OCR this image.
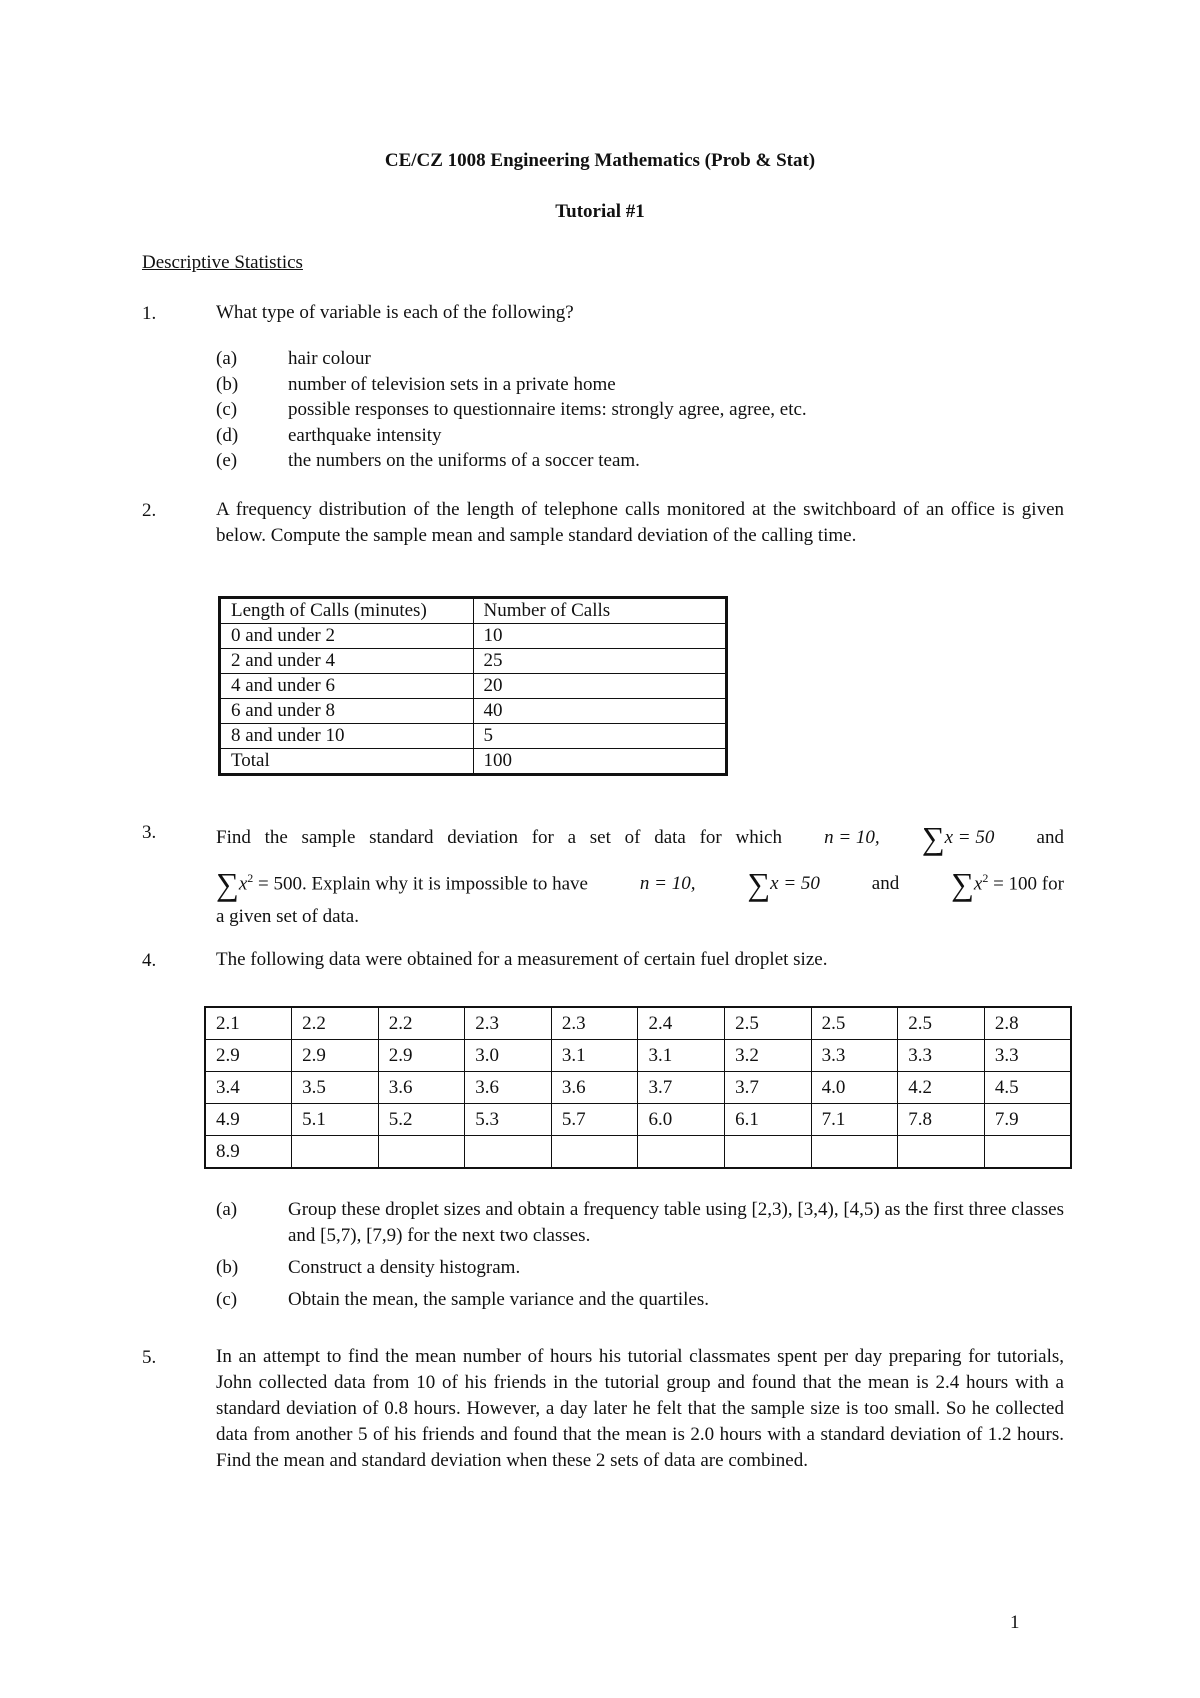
CE/CZ 1008 Engineering Mathematics (Prob & Stat)
Tutorial #1
Descriptive Statistics
1.	What type of variable is each of the following?
(a)	hair colour
(b)	number of television sets in a private home
(c)	possible responses to questionnaire items: strongly agree, agree, etc.
(d)	earthquake intensity
(e)	the numbers on the uniforms of a soccer team.
2.	A frequency distribution of the length of telephone calls monitored at the switchboard of an office is given below. Compute the sample mean and sample standard deviation of the calling time.
Length of Calls (minutes)	Number of Calls
0 and under 2	10
2 and under 4	25
4 and under 6	20
6 and under 8	40
8 and under 10	5
Total	100
3.	Find the sample standard deviation for a set of data for which n = 10, ∑x = 50 and
$\sum x^2 = 500$. Explain why it is impossible to have	n = 10, ∑x = 50	and $\sum x^2 = 100$ for
a given set of data.
4.	The following data were obtained for a measurement of certain fuel droplet size.
2.1	2.2	2.2	2.3	2.3	2.4	2.5	2.5	2.5	2.8
2.9	2.9	2.9	3.0	3.1	3.1	3.2	3.3	3.3	3.3
3.4	3.5	3.6	3.6	3.6	3.7	3.7	4.0	4.2	4.5
4.9	5.1	5.2	5.3	5.7	6.0	6.1	7.1	7.8	7.9
8.9									
(a)	Group these droplet sizes and obtain a frequency table using [2,3), [3,4), [4,5) as the first three classes and [5,7), [7,9) for the next two classes.
(b)	Construct a density histogram.
(c)	Obtain the mean, the sample variance and the quartiles.
5.	In an attempt to find the mean number of hours his tutorial classmates spent per day preparing for tutorials, John collected data from 10 of his friends in the tutorial group and found that the mean is 2.4 hours with a standard deviation of 0.8 hours. However, a day later he felt that the sample size is too small. So he collected data from another 5 of his friends and found that the mean is 2.0 hours with a standard deviation of 1.2 hours. Find the mean and standard deviation when these 2 sets of data are combined.
1
